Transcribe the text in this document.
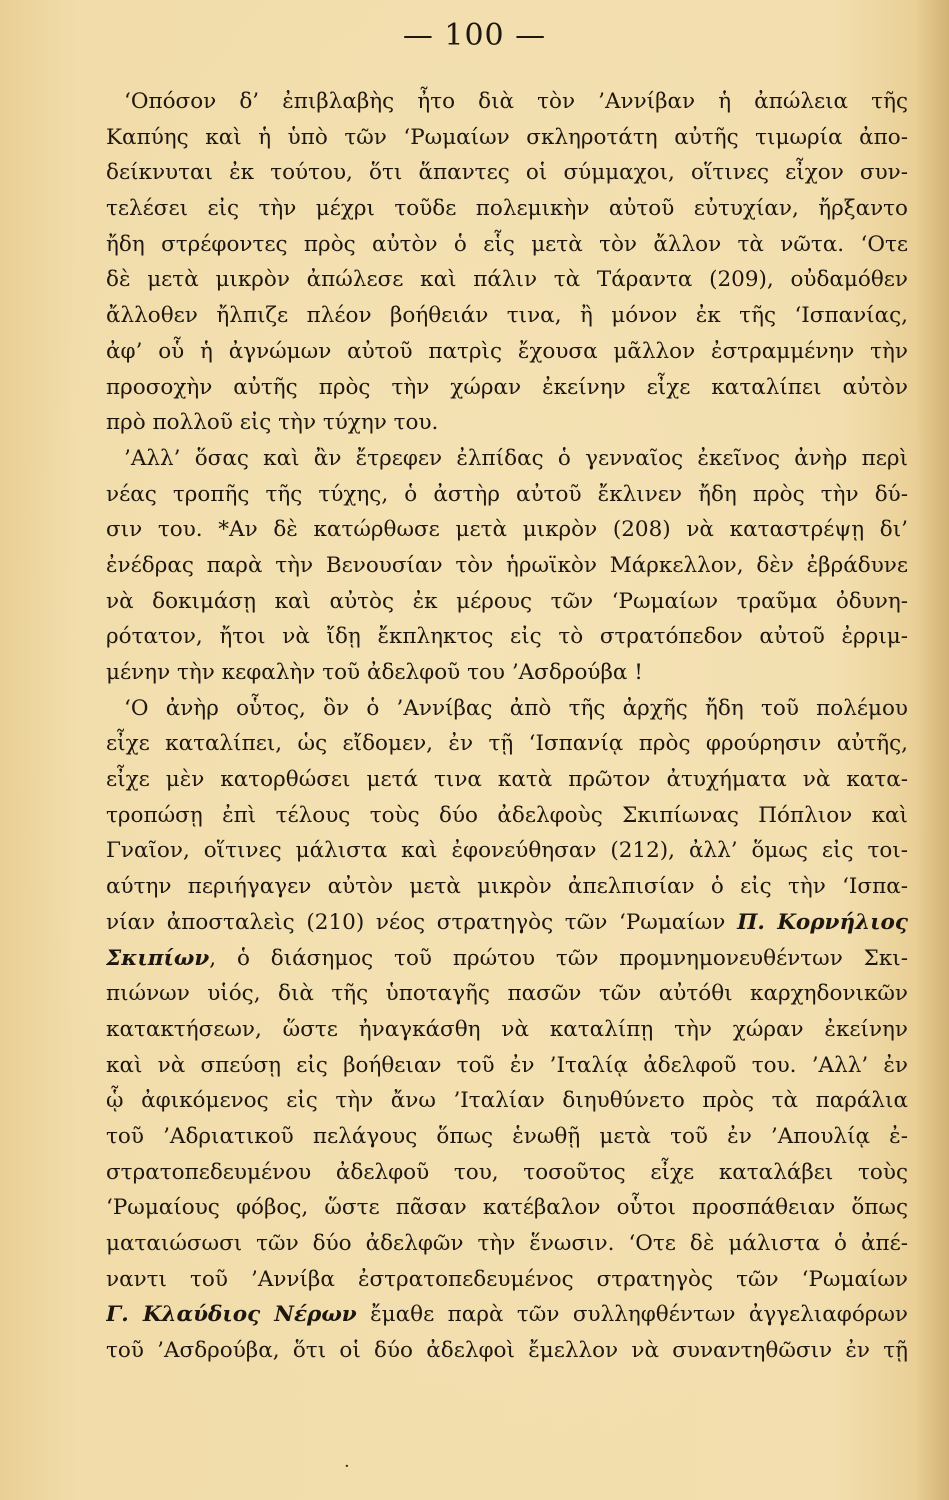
— 100 —
‘Οπόσον δ’ ἐπιβλαβὴς ἦτο διὰ τὸν ’Αννίβαν ἡ ἀπώλεια τῆς
Καπύης καὶ ἡ ὑπὸ τῶν ‘Ρωμαίων σκληροτάτη αὐτῆς τιμωρία ἀπο-
δείκνυται ἐκ τούτου, ὅτι ἅπαντες οἱ σύμμαχοι, οἵτινες εἶχον συν-
τελέσει εἰς τὴν μέχρι τοῦδε πολεμικὴν αὐτοῦ εὐτυχίαν, ἤρξαντο
ἤδη στρέφοντες πρὸς αὐτὸν ὁ εἷς μετὰ τὸν ἄλλον τὰ νῶτα. ‘Οτε
δὲ μετὰ μικρὸν ἀπώλεσε καὶ πάλιν τὰ Τάραντα (209), οὐδαμόθεν
ἄλλοθεν ἤλπιζε πλέον βοήθειάν τινα, ἢ μόνον ἐκ τῆς ‘Ισπανίας,
ἀφ’ οὗ ἡ ἀγνώμων αὐτοῦ πατρὶς ἔχουσα μᾶλλον ἐστραμμένην τὴν
προσοχὴν αὐτῆς πρὸς τὴν χώραν ἐκείνην εἶχε καταλίπει αὐτὸν
πρὸ πολλοῦ εἰς τὴν τύχην του.
’Αλλ’ ὅσας καὶ ἂν ἔτρεφεν ἐλπίδας ὁ γενναῖος ἐκεῖνος ἀνὴρ περὶ
νέας τροπῆς τῆς τύχης, ὁ ἀστὴρ αὐτοῦ ἔκλινεν ἤδη πρὸς τὴν δύ-
σιν του. *Αν δὲ κατώρθωσε μετὰ μικρὸν (208) νὰ καταστρέψῃ δι’
ἐνέδρας παρὰ τὴν Βενουσίαν τὸν ἡρωϊκὸν Μάρκελλον, δὲν ἐβράδυνε
νὰ δοκιμάσῃ καὶ αὐτὸς ἐκ μέρους τῶν ‘Ρωμαίων τραῦμα ὀδυνη-
ρότατον, ἤτοι νὰ ἴδῃ ἔκπληκτος εἰς τὸ στρατόπεδον αὐτοῦ ἐρριμ-
μένην τὴν κεφαλὴν τοῦ ἀδελφοῦ του ’Ασδρούβα !
‘Ο ἀνὴρ οὗτος, ὃν ὁ ’Αννίβας ἀπὸ τῆς ἀρχῆς ἤδη τοῦ πολέμου
εἶχε καταλίπει, ὡς εἴδομεν, ἐν τῇ ‘Ισπανίᾳ πρὸς φρούρησιν αὐτῆς,
εἶχε μὲν κατορθώσει μετά τινα κατὰ πρῶτον ἀτυχήματα νὰ κατα-
τροπώσῃ ἐπὶ τέλους τοὺς δύο ἀδελφοὺς Σκιπίωνας Πόπλιον καὶ
Γναῖον, οἵτινες μάλιστα καὶ ἐφονεύθησαν (212), ἀλλ’ ὅμως εἰς τοι-
αύτην περιήγαγεν αὐτὸν μετὰ μικρὸν ἀπελπισίαν ὁ εἰς τὴν ‘Ισπα-
νίαν ἀποσταλεὶς (210) νέος στρατηγὸς τῶν ‘Ρωμαίων Π. Κορνήλιος
Σκιπίων, ὁ διάσημος τοῦ πρώτου τῶν προμνημονευθέντων Σκι-
πιώνων υἱός, διὰ τῆς ὑποταγῆς πασῶν τῶν αὐτόθι καρχηδονικῶν
κατακτήσεων, ὥστε ἠναγκάσθη νὰ καταλίπῃ τὴν χώραν ἐκείνην
καὶ νὰ σπεύσῃ εἰς βοήθειαν τοῦ ἐν ’Ιταλίᾳ ἀδελφοῦ του. ’Αλλ’ ἐν
ᾧ ἀφικόμενος εἰς τὴν ἄνω ’Ιταλίαν διηυθύνετο πρὸς τὰ παράλια
τοῦ ’Αδριατικοῦ πελάγους ὅπως ἑνωθῇ μετὰ τοῦ ἐν ’Απουλίᾳ ἐ-
στρατοπεδευμένου ἀδελφοῦ του, τοσοῦτος εἶχε καταλάβει τοὺς
‘Ρωμαίους φόβος, ὥστε πᾶσαν κατέβαλον οὗτοι προσπάθειαν ὅπως
ματαιώσωσι τῶν δύο ἀδελφῶν τὴν ἕνωσιν. ‘Οτε δὲ μάλιστα ὁ ἀπέ-
ναντι τοῦ ’Αννίβα ἐστρατοπεδευμένος στρατηγὸς τῶν ‘Ρωμαίων
Γ. Κλαύδιος Νέρων ἔμαθε παρὰ τῶν συλληφθέντων ἀγγελιαφόρων
τοῦ ’Ασδρούβα, ὅτι οἱ δύο ἀδελφοὶ ἔμελλον νὰ συναντηθῶσιν ἐν τῇ
·
